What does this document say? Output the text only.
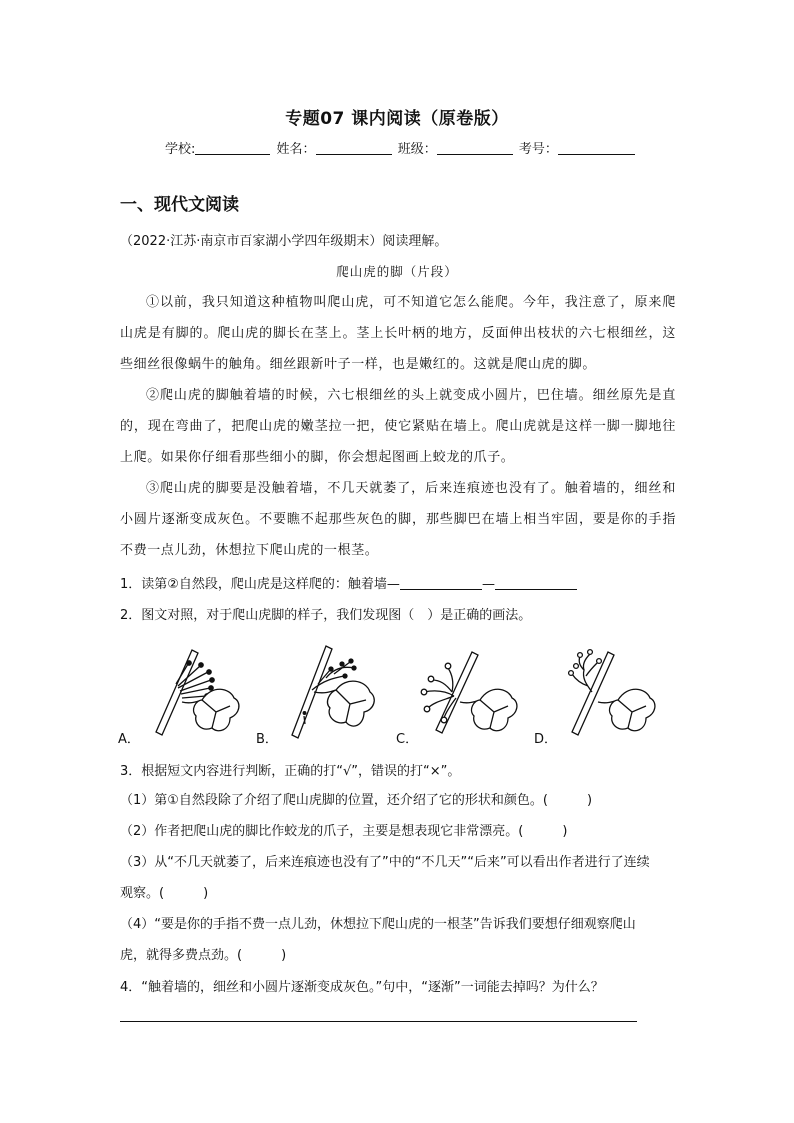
专题07 课内阅读（原卷版）
学校:	姓名：	班级：	考号：
一、现代文阅读
（2022·江苏·南京市百家湖小学四年级期末）阅读理解。
爬山虎的脚（片段）

①以前，我只知道这种植物叫爬山虎，可不知道它怎么能爬。今年，我注意了，原来爬山虎是有脚的。爬山虎的脚长在茎上。茎上长叶柄的地方，反面伸出枝状的六七根细丝，这些细丝很像蜗牛的触角。细丝跟新叶子一样，也是嫩红的。这就是爬山虎的脚。

②爬山虎的脚触着墙的时候，六七根细丝的头上就变成小圆片，巴住墙。细丝原先是直的，现在弯曲了，把爬山虎的嫩茎拉一把，使它紧贴在墙上。爬山虎就是这样一脚一脚地往上爬。如果你仔细看那些细小的脚，你会想起图画上蛟龙的爪子。

③爬山虎的脚要是没触着墙，不几天就萎了，后来连痕迹也没有了。触着墙的，细丝和小圆片逐渐变成灰色。不要瞧不起那些灰色的脚，那些脚巴在墙上相当牢固，要是你的手指不费一点儿劲，休想拉下爬山虎的一根茎。

1．读第②自然段，爬山虎是这样爬的：触着墙—	—
2．图文对照，对于爬山虎脚的样子，我们发现图（　）是正确的画法。
A．	B．	C．	D．
3．根据短文内容进行判断，正确的打“√”，错误的打“×”。
（1）第①自然段除了介绍了爬山虎脚的位置，还介绍了它的形状和颜色。(　　　)
（2）作者把爬山虎的脚比作蛟龙的爪子，主要是想表现它非常漂亮。(　　　)
（3）从“不几天就萎了，后来连痕迹也没有了”中的“不几天”“后来”可以看出作者进行了连续观察。(　　　)
（4）“要是你的手指不费一点儿劲，休想拉下爬山虎的一根茎”告诉我们要想仔细观察爬山虎，就得多费点劲。(　　　)
4．“触着墙的，细丝和小圆片逐渐变成灰色。”句中，“逐渐”一词能去掉吗？为什么？
